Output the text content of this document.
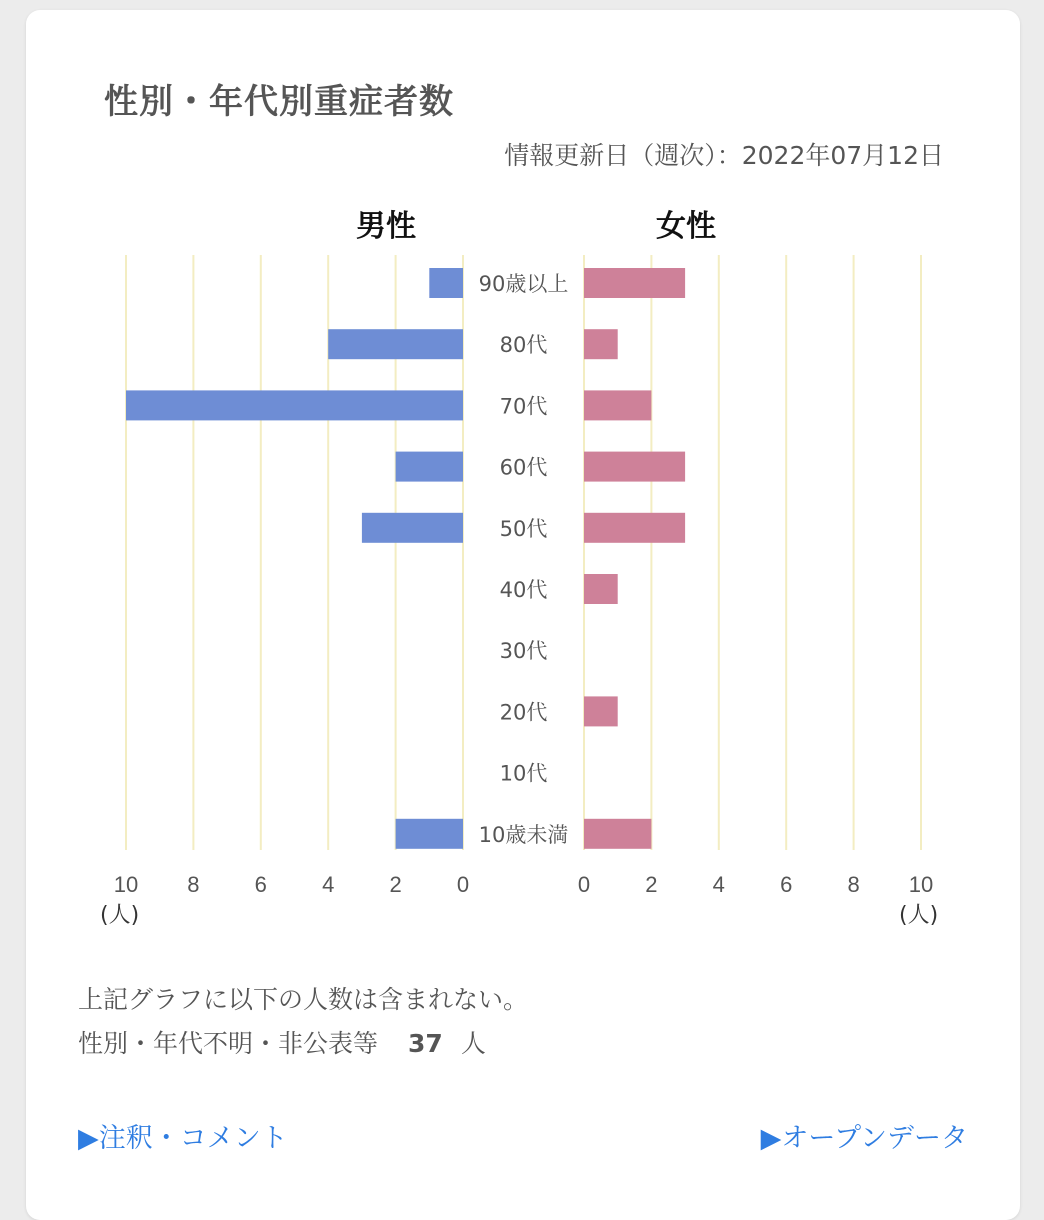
性別・年代別重症者数
情報更新日（週次）：2022年07月12日
0	0
2	2
4	4
6	6
8	8
10	10
(人)	(人)
男性	女性
90歳以上
80代
70代
60代
50代
40代
30代
20代
10代
10歳未満
上記グラフに以下の人数は含まれない。
性別・年代不明・非公表等 37 人
▶注釈・コメント	▶オープンデータ
